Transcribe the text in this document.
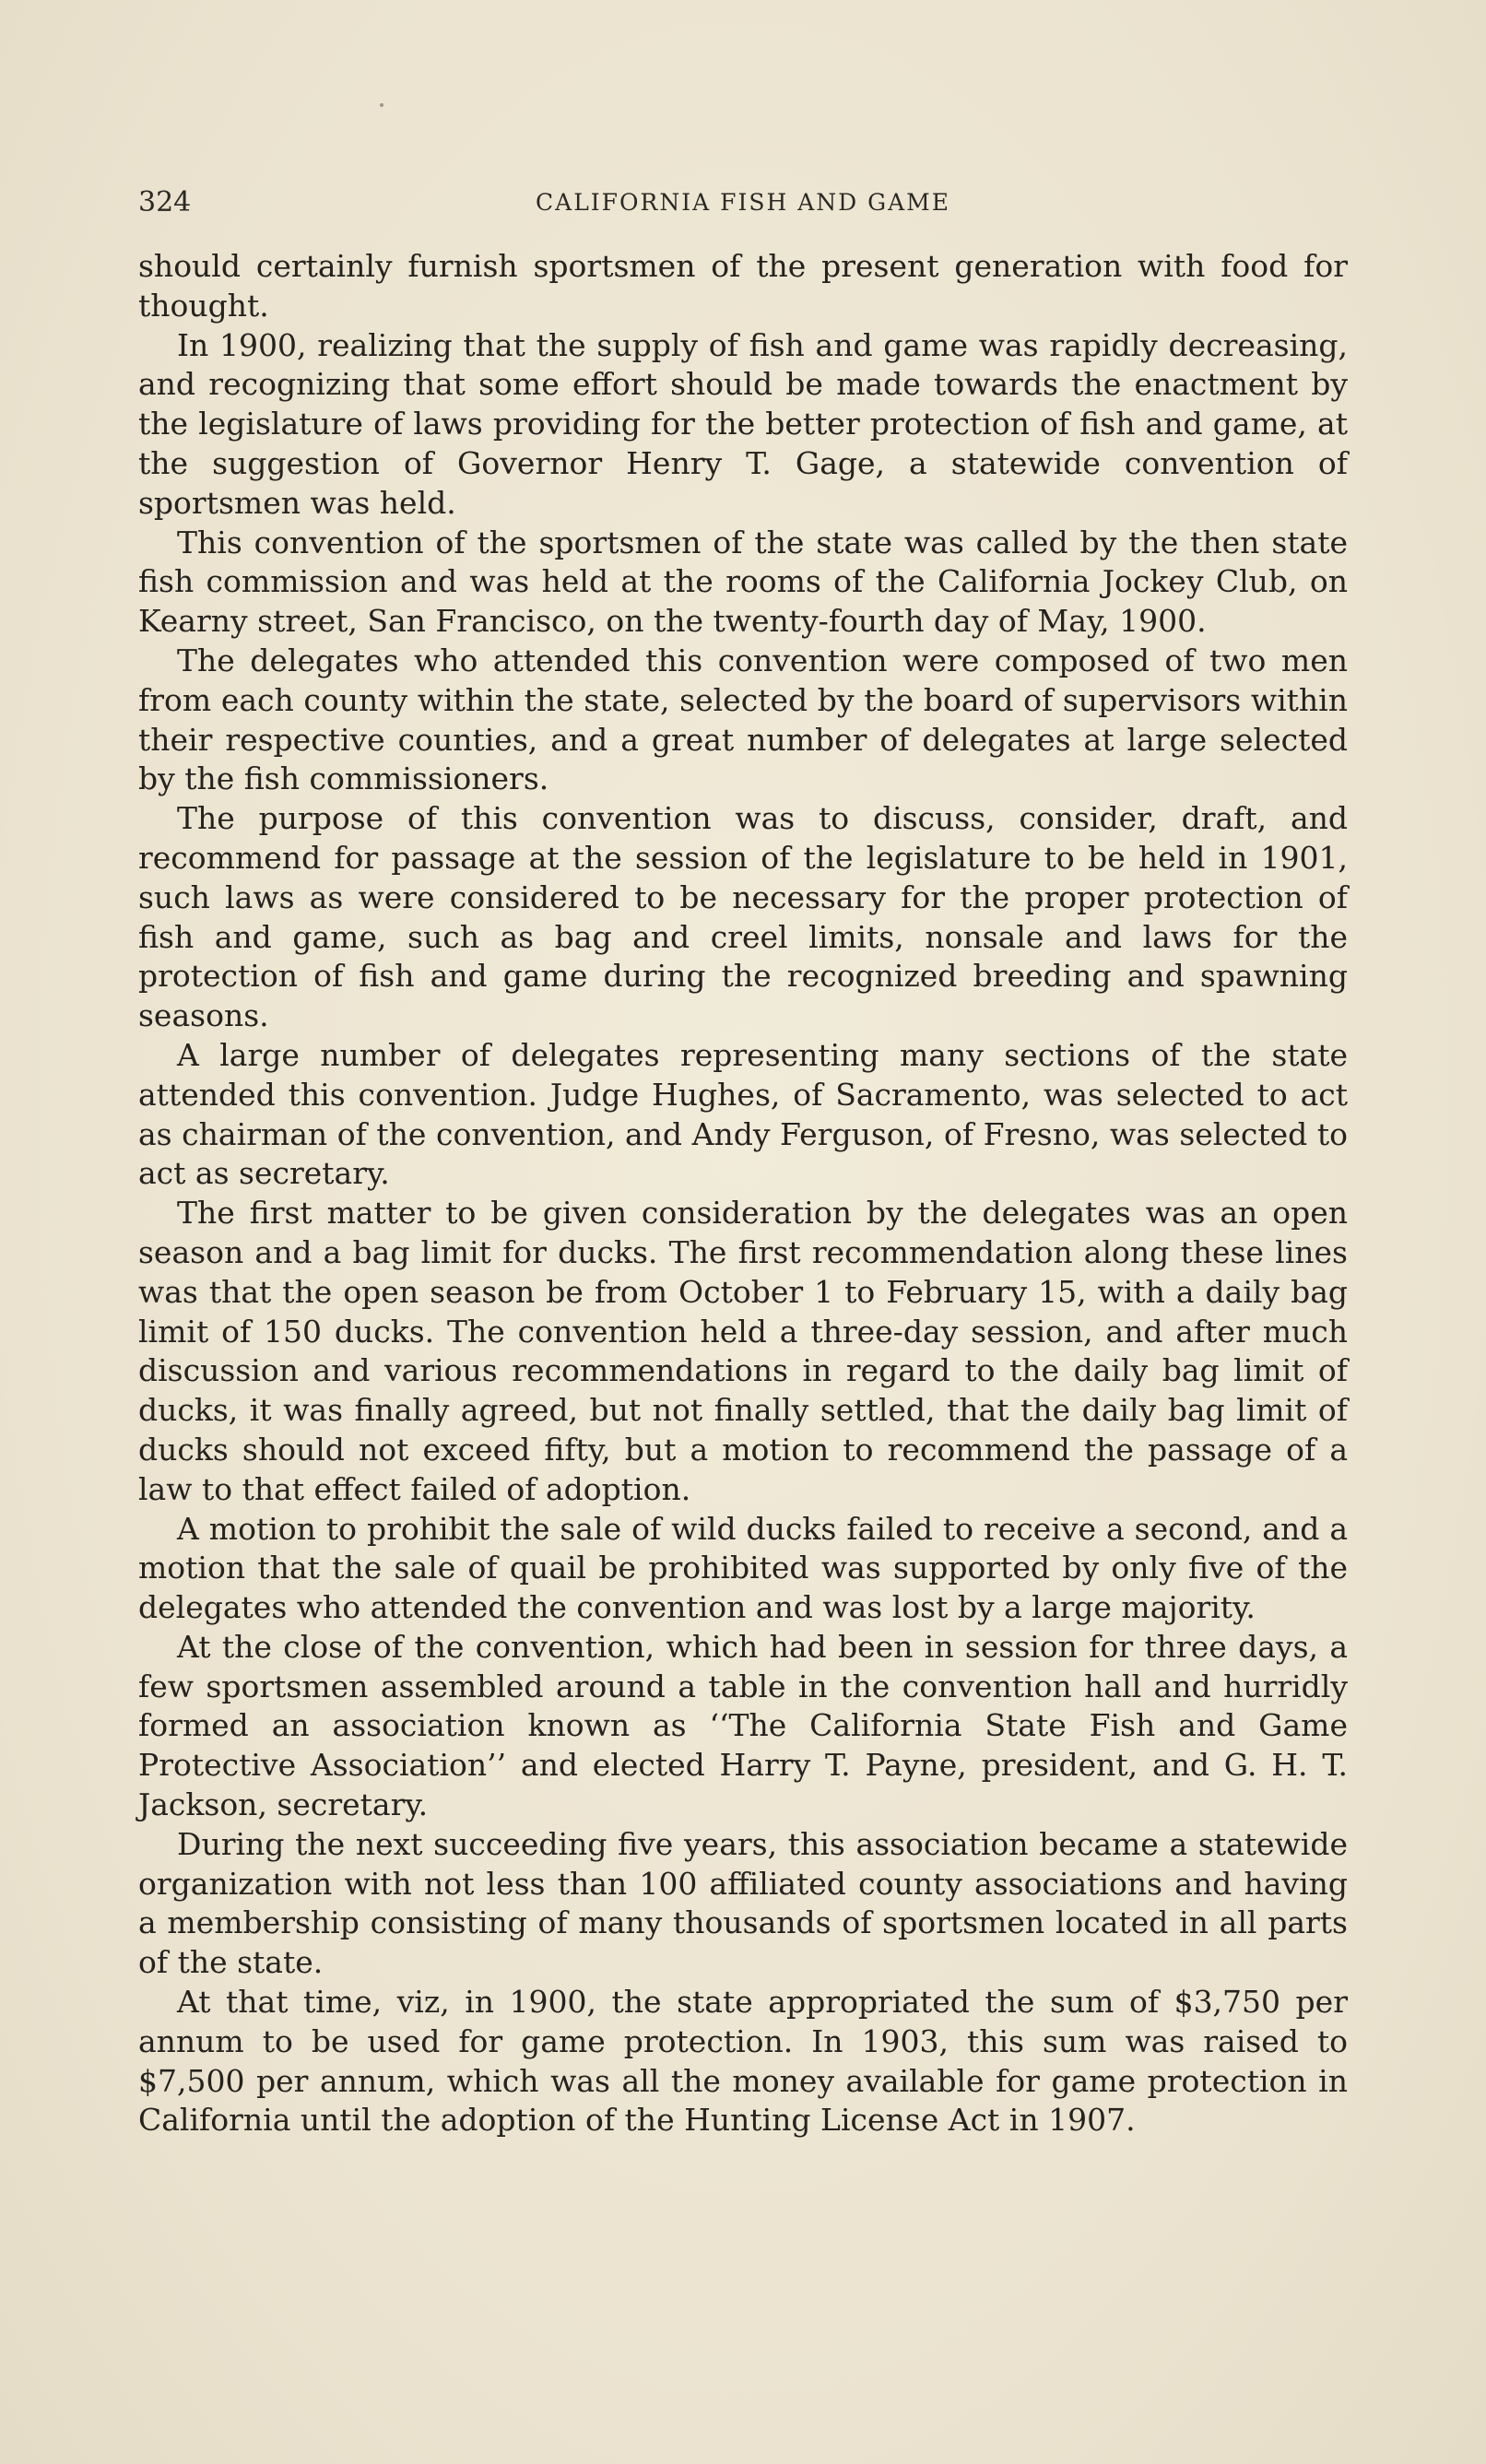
324	CALIFORNIA FISH AND GAME

should certainly furnish sportsmen of the present generation with food for thought.

In 1900, realizing that the supply of fish and game was rapidly decreasing, and recognizing that some effort should be made towards the enactment by the legislature of laws providing for the better protection of fish and game, at the suggestion of Governor Henry T. Gage, a statewide convention of sportsmen was held.

This convention of the sportsmen of the state was called by the then state fish commission and was held at the rooms of the California Jockey Club, on Kearny street, San Francisco, on the twenty-fourth day of May, 1900.

The delegates who attended this convention were composed of two men from each county within the state, selected by the board of supervisors within their respective counties, and a great number of delegates at large selected by the fish commissioners.

The purpose of this convention was to discuss, consider, draft, and recommend for passage at the session of the legislature to be held in 1901, such laws as were considered to be necessary for the proper protection of fish and game, such as bag and creel limits, nonsale and laws for the protection of fish and game during the recognized breeding and spawning seasons.

A large number of delegates representing many sections of the state attended this convention. Judge Hughes, of Sacramento, was selected to act as chairman of the convention, and Andy Ferguson, of Fresno, was selected to act as secretary.

The first matter to be given consideration by the delegates was an open season and a bag limit for ducks. The first recommendation along these lines was that the open season be from October 1 to February 15, with a daily bag limit of 150 ducks. The convention held a three-day session, and after much discussion and various recommendations in regard to the daily bag limit of ducks, it was finally agreed, but not finally settled, that the daily bag limit of ducks should not exceed fifty, but a motion to recommend the passage of a law to that effect failed of adoption.

A motion to prohibit the sale of wild ducks failed to receive a second, and a motion that the sale of quail be prohibited was supported by only five of the delegates who attended the convention and was lost by a large majority.

At the close of the convention, which had been in session for three days, a few sportsmen assembled around a table in the convention hall and hurridly formed an association known as ‘‘The California State Fish and Game Protective Association’’ and elected Harry T. Payne, president, and G. H. T. Jackson, secretary.

During the next succeeding five years, this association became a statewide organization with not less than 100 affiliated county associations and having a membership consisting of many thousands of sportsmen located in all parts of the state.

At that time, viz, in 1900, the state appropriated the sum of $3,750 per annum to be used for game protection. In 1903, this sum was raised to $7,500 per annum, which was all the money available for game protection in California until the adoption of the Hunting License Act in 1907.
